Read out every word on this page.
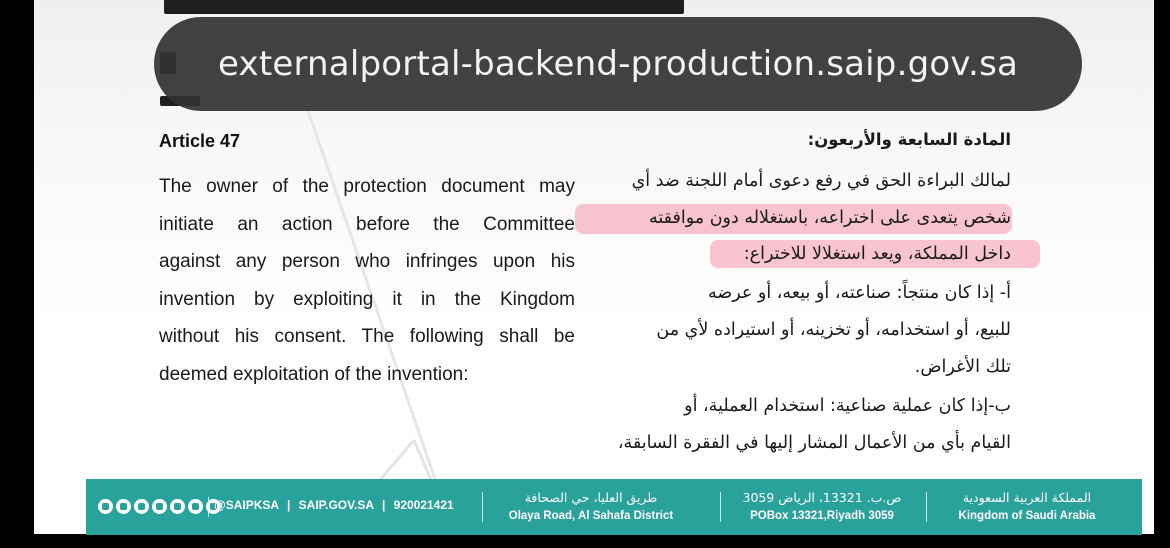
externalportal-backend-production.saip.gov.sa
Article 47
The owner of the protection document may
initiate an action before the Committee
against any person who infringes upon his
invention by exploiting it in the Kingdom
without his consent. The following shall be
deemed exploitation of the invention:
المادة السابعة والأربعون:
لمالك البراءة الحق في رفع دعوى أمام اللجنة ضد أي
شخص يتعدى على اختراعه، باستغلاله دون موافقته
داخل المملكة، ويعد استغلالا للاختراع:
أ- إذا كان منتجاً: صناعته، أو بيعه، أو عرضه
للبيع، أو استخدامه، أو تخزينه، أو استيراده لأي من
تلك الأغراض.
ب-إذا كان عملية صناعية: استخدام العملية، أو
القيام بأي من الأعمال المشار إليها في الفقرة السابقة،
@SAIPKSA | SAIP.GOV.SA | 920021421	طريق العليا، حي الصحافة
Olaya Road, Al Sahafa District
ص.ب. 13321، الرياض 3059
POBox 13321,Riyadh 3059
المملكة العربية السعودية
Kingdom of Saudi Arabia
